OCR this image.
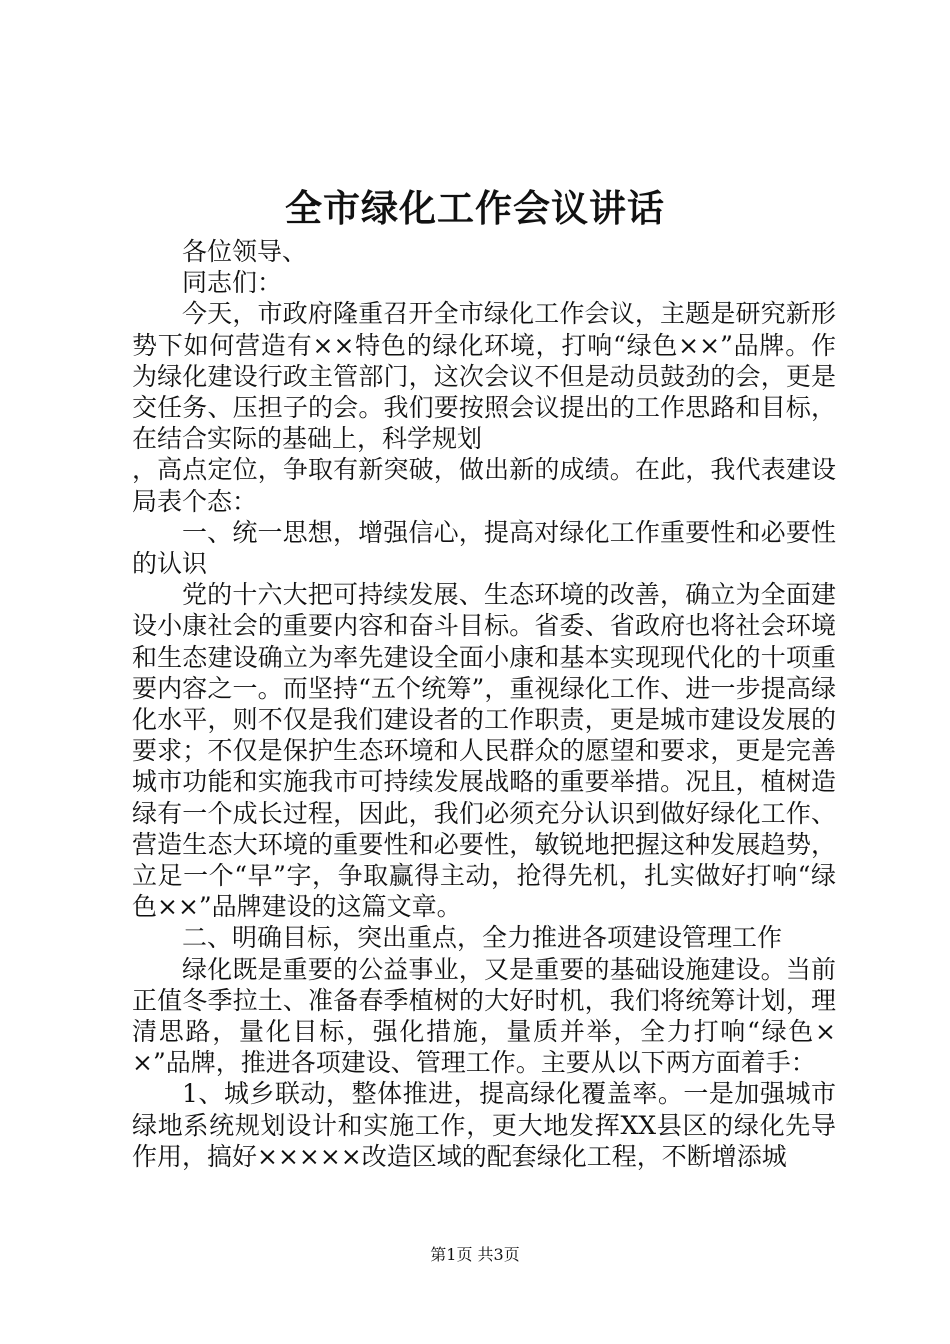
全市绿化工作会议讲话

各位领导、

同志们：

今天，市政府隆重召开全市绿化工作会议，主题是研究新形势下如何营造有××特色的绿化环境，打响“绿色××”品牌。作为绿化建设行政主管部门，这次会议不但是动员鼓劲的会，更是交任务、压担子的会。我们要按照会议提出的工作思路和目标，在结合实际的基础上，科学规划

，高点定位，争取有新突破，做出新的成绩。在此，我代表建设局表个态：

一、统一思想，增强信心，提高对绿化工作重要性和必要性的认识

党的十六大把可持续发展、生态环境的改善，确立为全面建设小康社会的重要内容和奋斗目标。省委、省政府也将社会环境和生态建设确立为率先建设全面小康和基本实现现代化的十项重要内容之一。而坚持“五个统筹”，重视绿化工作、进一步提高绿化水平，则不仅是我们建设者的工作职责，更是城市建设发展的要求；不仅是保护生态环境和人民群众的愿望和要求，更是完善城市功能和实施我市可持续发展战略的重要举措。况且，植树造绿有一个成长过程，因此，我们必须充分认识到做好绿化工作、营造生态大环境的重要性和必要性，敏锐地把握这种发展趋势，立足一个“早”字，争取赢得主动，抢得先机，扎实做好打响“绿色××”品牌建设的这篇文章。

二、明确目标，突出重点，全力推进各项建设管理工作

绿化既是重要的公益事业，又是重要的基础设施建设。当前正值冬季拉土、准备春季植树的大好时机，我们将统筹计划，理清思路，量化目标，强化措施，量质并举，全力打响“绿色××”品牌，推进各项建设、管理工作。主要从以下两方面着手：

1、城乡联动，整体推进，提高绿化覆盖率。一是加强城市绿地系统规划设计和实施工作，更大地发挥XX县区的绿化先导作用，搞好×××××改造区域的配套绿化工程，不断增添城

第1页 共3页
